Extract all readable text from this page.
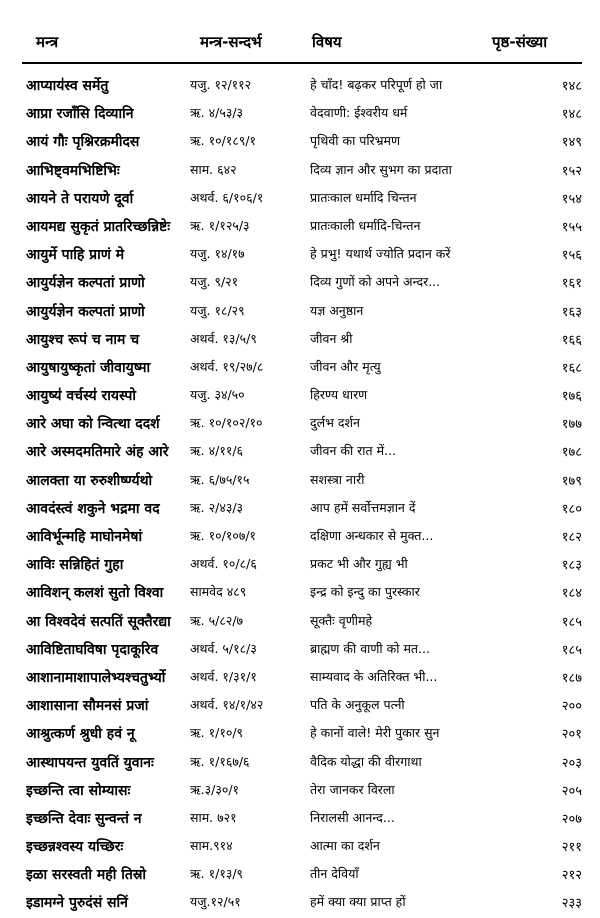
मन्त्र	मन्त्र-सन्दर्भ	विषय	पृष्ठ-संख्या
आप्याय॑स्व सर्मेतु	यजु. १२/११२	हे चाँद! बढ़कर परिपूर्ण हो जा	१४८
आप्रा रजाँसि दिव्यानि	ऋ. ४/५३/३	वेदवाणी: ईश्वरीय धर्म	१४८
आयं गौः पृश्निरक्रमीदस	ऋ. १०/१८९/१	पृथिवी का परिभ्रमण	१४९
आभिष्ट्वमभिष्टिभिः	साम. ६४२	दिव्य ज्ञान और सुभग का प्रदाता	१५२
आयने ते परायणे दूर्वा	अथर्व. ६/१०६/१	प्रातःकाल धर्मादि चिन्तन	१५४
आयमद्य सुकृतं प्रातरिच्छन्निष्टेः	ऋ. १/१२५/३	प्रातःकाली धर्मादि-चिन्तन	१५५
आयुर्मे पाहि प्राणं मे	यजु. १४/१७	हे प्रभु! यथार्थ ज्योति प्रदान करें	१५६
आयुर्यज्ञेन कल्पतां प्राणो	यजु. ९/२१	दिव्य गुणों को अपने अन्दर...	१६१
आयुर्यज्ञेन कल्पतां प्राणो	यजु. १८/२९	यज्ञ अनुष्ठान	१६३
आयुश्च रूपं च नाम च	अथर्व. १३/५/९	जीवन श्री	१६६
आयुषायुष्कृतां जीवायुष्मा	अथर्व. १९/२७/८	जीवन और मृत्यु	१६८
आयुष्य॑ वर्चस्य॑ रायस्पो	यजु. ३४/५०	हिरण्य धारण	१७६
आरे अघा को न्वित्था ददर्श	ऋ. १०/१०२/१०	दुर्लभ दर्शन	१७७
आरे अस्मदमतिमारे अंह आरे	ऋ. ४/११/६	जीवन की रात में...	१७८
आलक्ता या रुरुशीर्ष्ण्यथो	ऋ. ६/७५/१५	सशस्त्रा नारी	१७९
आवदंस्त्वं शकुने भद्रमा वद	ऋ. २/४३/३	आप हमें सर्वोत्तमज्ञान दें	१८०
आविर्भून्महि माघोनमेषां	ऋ. १०/१०७/१	दक्षिणा अन्धकार से मुक्त...	१८२
आविः सन्निहितं गुहा	अथर्व. १०/८/६	प्रकट भी और गुह्य भी	१८३
आविशन् कलशं सुतो विश्वा	सामवेद ४८९	इन्द्र को इन्दु का पुरस्कार	१८४
आ विश्वदेवं सत्पतिं सूक्तैरद्या	ऋ. ५/८२/७	सूक्तैः वृणीमहे	१८५
आविष्टिताघविषा पृदाकूरिव	अथर्व. ५/१८/३	ब्राह्मण की वाणी को मत...	१८५
आशानामाशापालेभ्यश्चतुर्भ्यो	अथर्व. १/३१/१	साम्यवाद के अतिरिक्त भी...	१८७
आशासाना सौमनसं प्रजां	अथर्व. १४/१/४२	पति के अनुकूल पत्नी	२००
आश्रुत्कर्ण श्रुधी हवं नू	ऋ. १/१०/९	हे कानों वाले! मेरी पुकार सुन	२०१
आस्थापयन्त युवतिं युवानः	ऋ. १/१६७/६	वैदिक योद्धा की वीरगाथा	२०३
इच्छन्ति त्वा सोम्यासः	ऋ.३/३०/१	तेरा जानकर विरला	२०५
इच्छन्ति देवाः सुन्वन्तं न	साम. ७२१	निरालसी आनन्द...	२०७
इच्छन्नश्वस्य यच्छिरः	साम.९१४	आत्मा का दर्शन	२११
इळा सरस्वती मही तिस्रो	ऋ. १/१३/९	तीन देवियाँ	२१२
इडामग्ने पुरुदंसं सनिं	यजु.१२/५१	हमें क्या क्या प्राप्त हों	२३३
